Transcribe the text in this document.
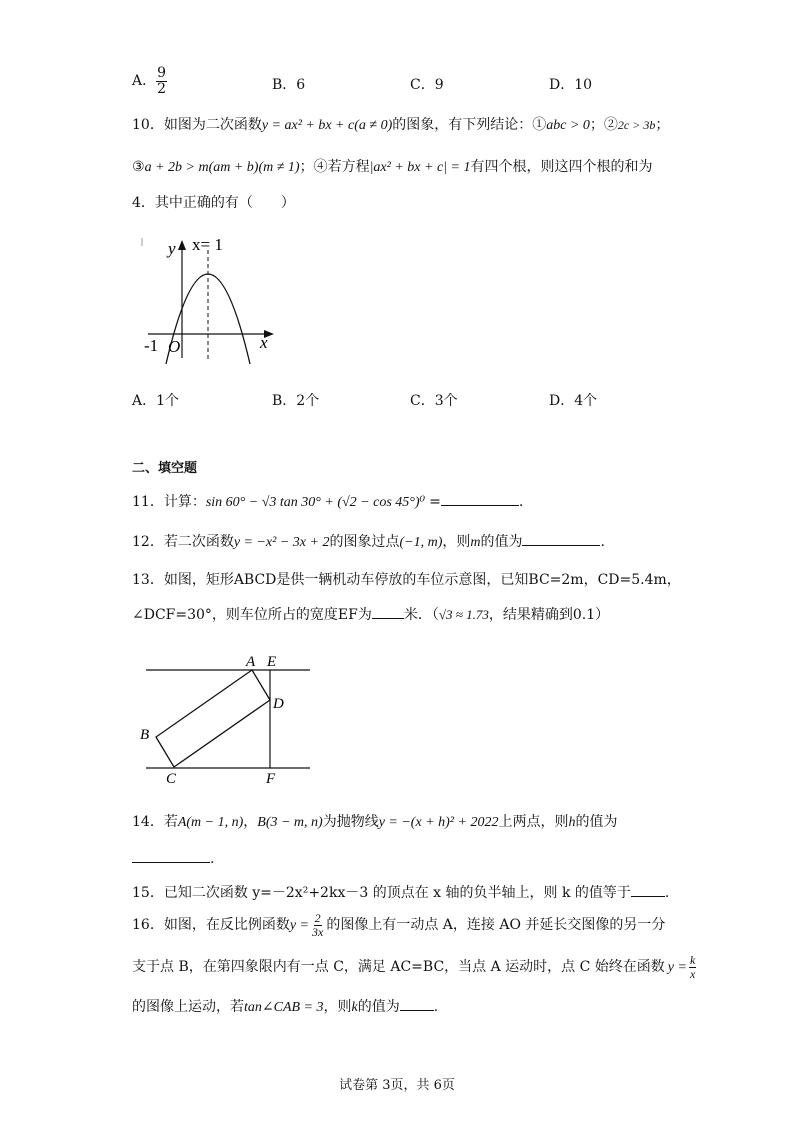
A． $\frac{9}{2}$	B．6	C．9	D．10
10．如图为二次函数y = ax² + bx + c(a ≠ 0)的图象，有下列结论：①abc > 0；②2c > 3b；
③a + 2b > m(am + b)(m ≠ 1)；④若方程|ax² + bx + c| = 1有四个根，则这四个根的和为
4．其中正确的有（　　）
y x= 1
-1 O	x
A．1个	B．2个	C．3个	D．4个
二、填空题
11．计算：sin 60° − √3 tan 30° + (√2 − cos 45°)⁰ =	.
12．若二次函数y = −x² − 3x + 2的图象过点(−1, m)，则m的值为	.
13．如图，矩形ABCD是供一辆机动车停放的车位示意图，已知BC=2m，CD=5.4m，
∠DCF=30°，则车位所占的宽度EF为 米．（√3 ≈ 1.73，结果精确到0.1）
A E
D
B
C	F
14．若A(m − 1, n)，B(3 − m, n)为抛物线y = −(x + h)² + 2022上两点，则h的值为
.
15．已知二次函数 y=－2x²+2kx－3 的顶点在 x 轴的负半轴上，则 k 的值等于 .
16．如图，在反比例函数$y = \frac{2}{3x}$ 的图像上有一动点 A，连接 AO 并延长交图像的另一分
支于点 B，在第四象限内有一点 C，满足 AC=BC，当点 A 运动时，点 C 始终在函数 $y = \frac{k}{x}$
的图像上运动，若tan∠CAB = 3，则k的值为 .
试卷第 3页，共 6页
